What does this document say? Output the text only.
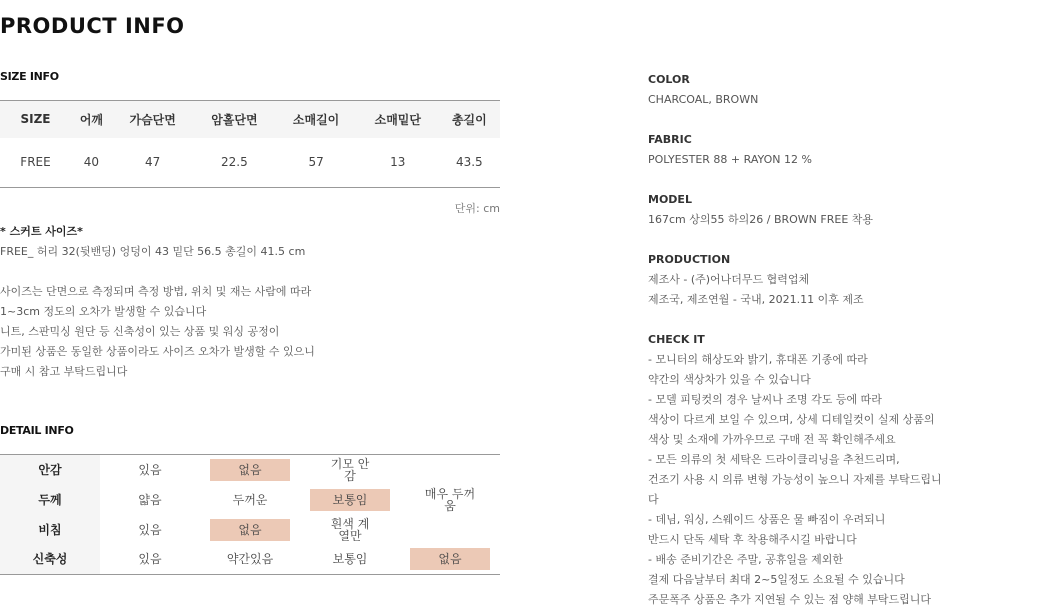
PRODUCT INFO
SIZE INFO
SIZE	어깨	가슴단면	암홀단면	소매길이	소매밑단	총길이
FREE	40	47	22.5	57	13	43.5
단위: cm
* 스커트 사이즈*
FREE_ 허리 32(뒷밴딩) 엉덩이 43 밑단 56.5 총길이 41.5 cm
사이즈는 단면으로 측정되며 측정 방법, 위치 및 재는 사람에 따라
1~3cm 정도의 오차가 발생할 수 있습니다
니트, 스판믹싱 원단 등 신축성이 있는 상품 및 워싱 공정이
가미된 상품은 동일한 상품이라도 사이즈 오차가 발생할 수 있으니
구매 시 참고 부탁드립니다
DETAIL INFO
안감	있음	없음	기모 안감	
두께	얇음	두꺼운	보통임	매우 두꺼움
비침	있음	없음	흰색 계열만	
신축성	있음	약간있음	보통임	없음
COLOR
CHARCOAL, BROWN
FABRIC
POLYESTER 88 + RAYON 12 %
MODEL
167cm 상의55 하의26 / BROWN FREE 착용
PRODUCTION
제조사 - (주)어나더무드 협력업체
제조국, 제조연월 - 국내, 2021.11 이후 제조
CHECK IT
- 모니터의 해상도와 밝기, 휴대폰 기종에 따라
약간의 색상차가 있을 수 있습니다
- 모델 피팅컷의 경우 날씨나 조명 각도 등에 따라
색상이 다르게 보일 수 있으며, 상세 디테일컷이 실제 상품의
색상 및 소재에 가까우므로 구매 전 꼭 확인해주세요
- 모든 의류의 첫 세탁은 드라이클리닝을 추천드리며,
건조기 사용 시 의류 변형 가능성이 높으니 자제를 부탁드립니
다
- 데님, 워싱, 스웨이드 상품은 물 빠짐이 우려되니
반드시 단독 세탁 후 착용해주시길 바랍니다
- 배송 준비기간은 주말, 공휴일을 제외한
결제 다음날부터 최대 2~5일정도 소요될 수 있습니다
주문폭주 상품은 추가 지연될 수 있는 점 양해 부탁드립니다
